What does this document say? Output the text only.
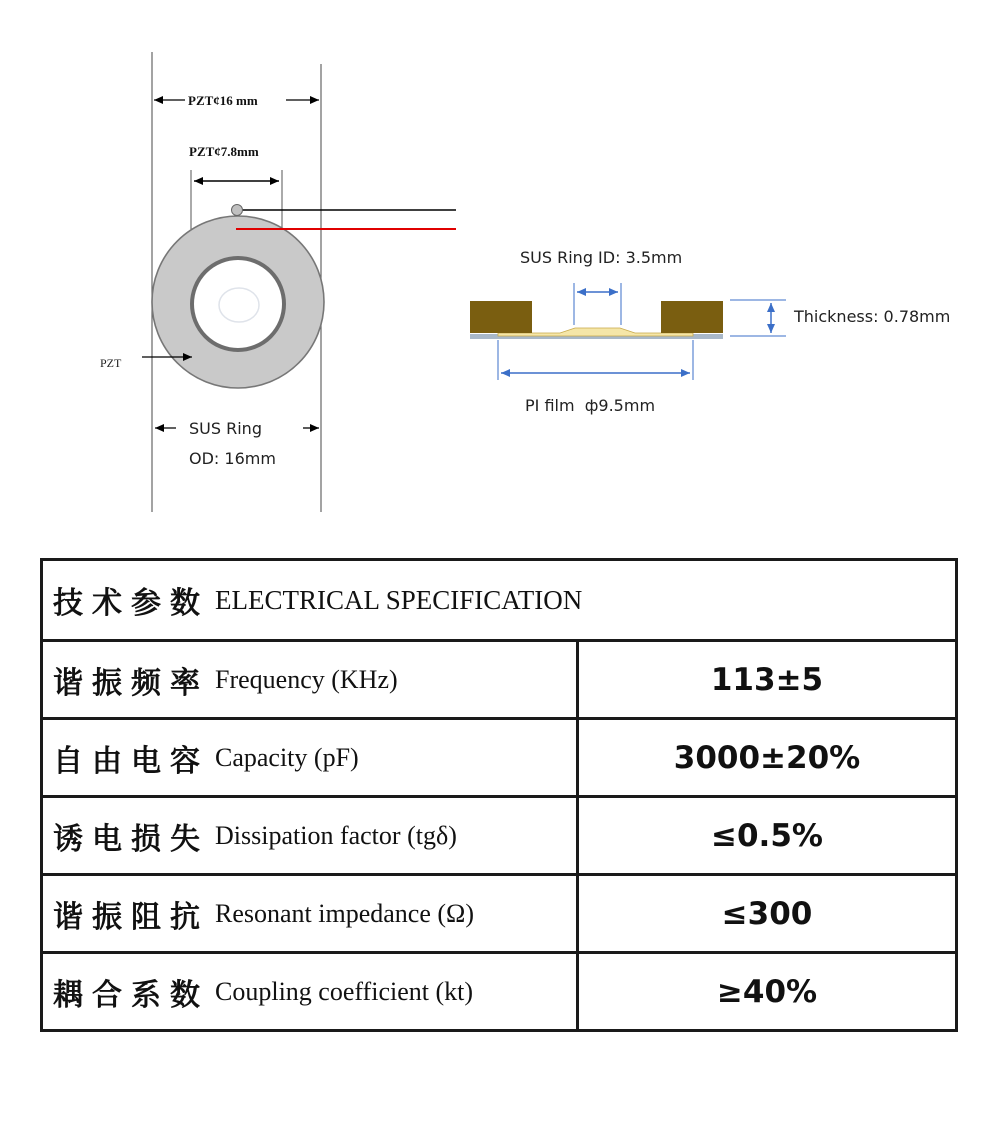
PZT¢16 mm
PZT¢7.8mm
PZT
SUS Ring
OD: 16mm
SUS Ring ID: 3.5mm
Thickness: 0.78mm
PI film  ф9.5mm
技术参数 ELECTRICAL SPECIFICATION
谐振频率 Frequency (KHz)	113±5
自由电容 Capacity (pF)	3000±20%
诱电损失 Dissipation factor (tgδ)	≤0.5%
谐振阻抗 Resonant impedance (Ω)	≤300
耦合系数 Coupling coefficient (kt)	≥40%
